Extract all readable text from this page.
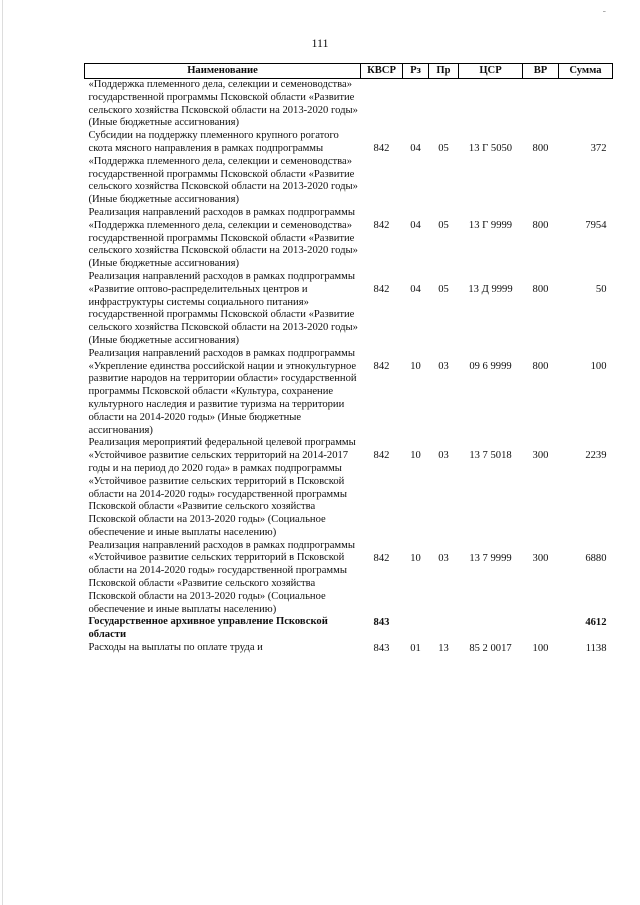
-
111
Наименование	КВСР	Рз	Пр	ЦСР	ВР	Сумма
«Поддержка племенного дела, селекции и семеноводства» государственной программы Псковской области «Развитие сельского хозяйства Псковской области на 2013-2020 годы» (Иные бюджетные ассигнования)						
Субсидии на поддержку племенного крупного рогатого скота мясного направления в рамках подпрограммы «Поддержка племенного дела, селекции и семеноводства» государственной программы Псковской области «Развитие сельского хозяйства Псковской области на 2013-2020 годы» (Иные бюджетные ассигнования)	842	04	05	13 Г 5050	800	372
Реализация направлений расходов в рамках подпрограммы «Поддержка племенного дела, селекции и семеноводства» государственной программы Псковской области «Развитие сельского хозяйства Псковской области на 2013-2020 годы» (Иные бюджетные ассигнования)	842	04	05	13 Г 9999	800	7954
Реализация направлений расходов в рамках подпрограммы «Развитие оптово-распределительных центров и инфраструктуры системы социального питания» государственной программы Псковской области «Развитие сельского хозяйства Псковской области на 2013-2020 годы» (Иные бюджетные ассигнования)	842	04	05	13 Д 9999	800	50
Реализация направлений расходов в рамках подпрограммы «Укрепление единства российской нации и этнокультурное развитие народов на территории области» государственной программы Псковской области «Культура, сохранение культурного наследия и развитие туризма на территории области на 2014-2020 годы» (Иные бюджетные ассигнования)	842	10	03	09 6 9999	800	100
Реализация мероприятий федеральной целевой программы «Устойчивое развитие сельских территорий на 2014-2017 годы и на период до 2020 года» в рамках подпрограммы «Устойчивое развитие сельских территорий в Псковской области на 2014-2020 годы» государственной программы Псковской области «Развитие сельского хозяйства Псковской области на 2013-2020 годы» (Социальное обеспечение и иные выплаты населению)	842	10	03	13 7 5018	300	2239
Реализация направлений расходов в рамках подпрограммы «Устойчивое развитие сельских территорий в Псковской области на 2014-2020 годы» государственной программы Псковской области «Развитие сельского хозяйства Псковской области на 2013-2020 годы» (Социальное обеспечение и иные выплаты населению)	842	10	03	13 7 9999	300	6880
Государственное архивное управление Псковской области	843					4612
Расходы на выплаты по оплате труда и	843	01	13	85 2 0017	100	1138
